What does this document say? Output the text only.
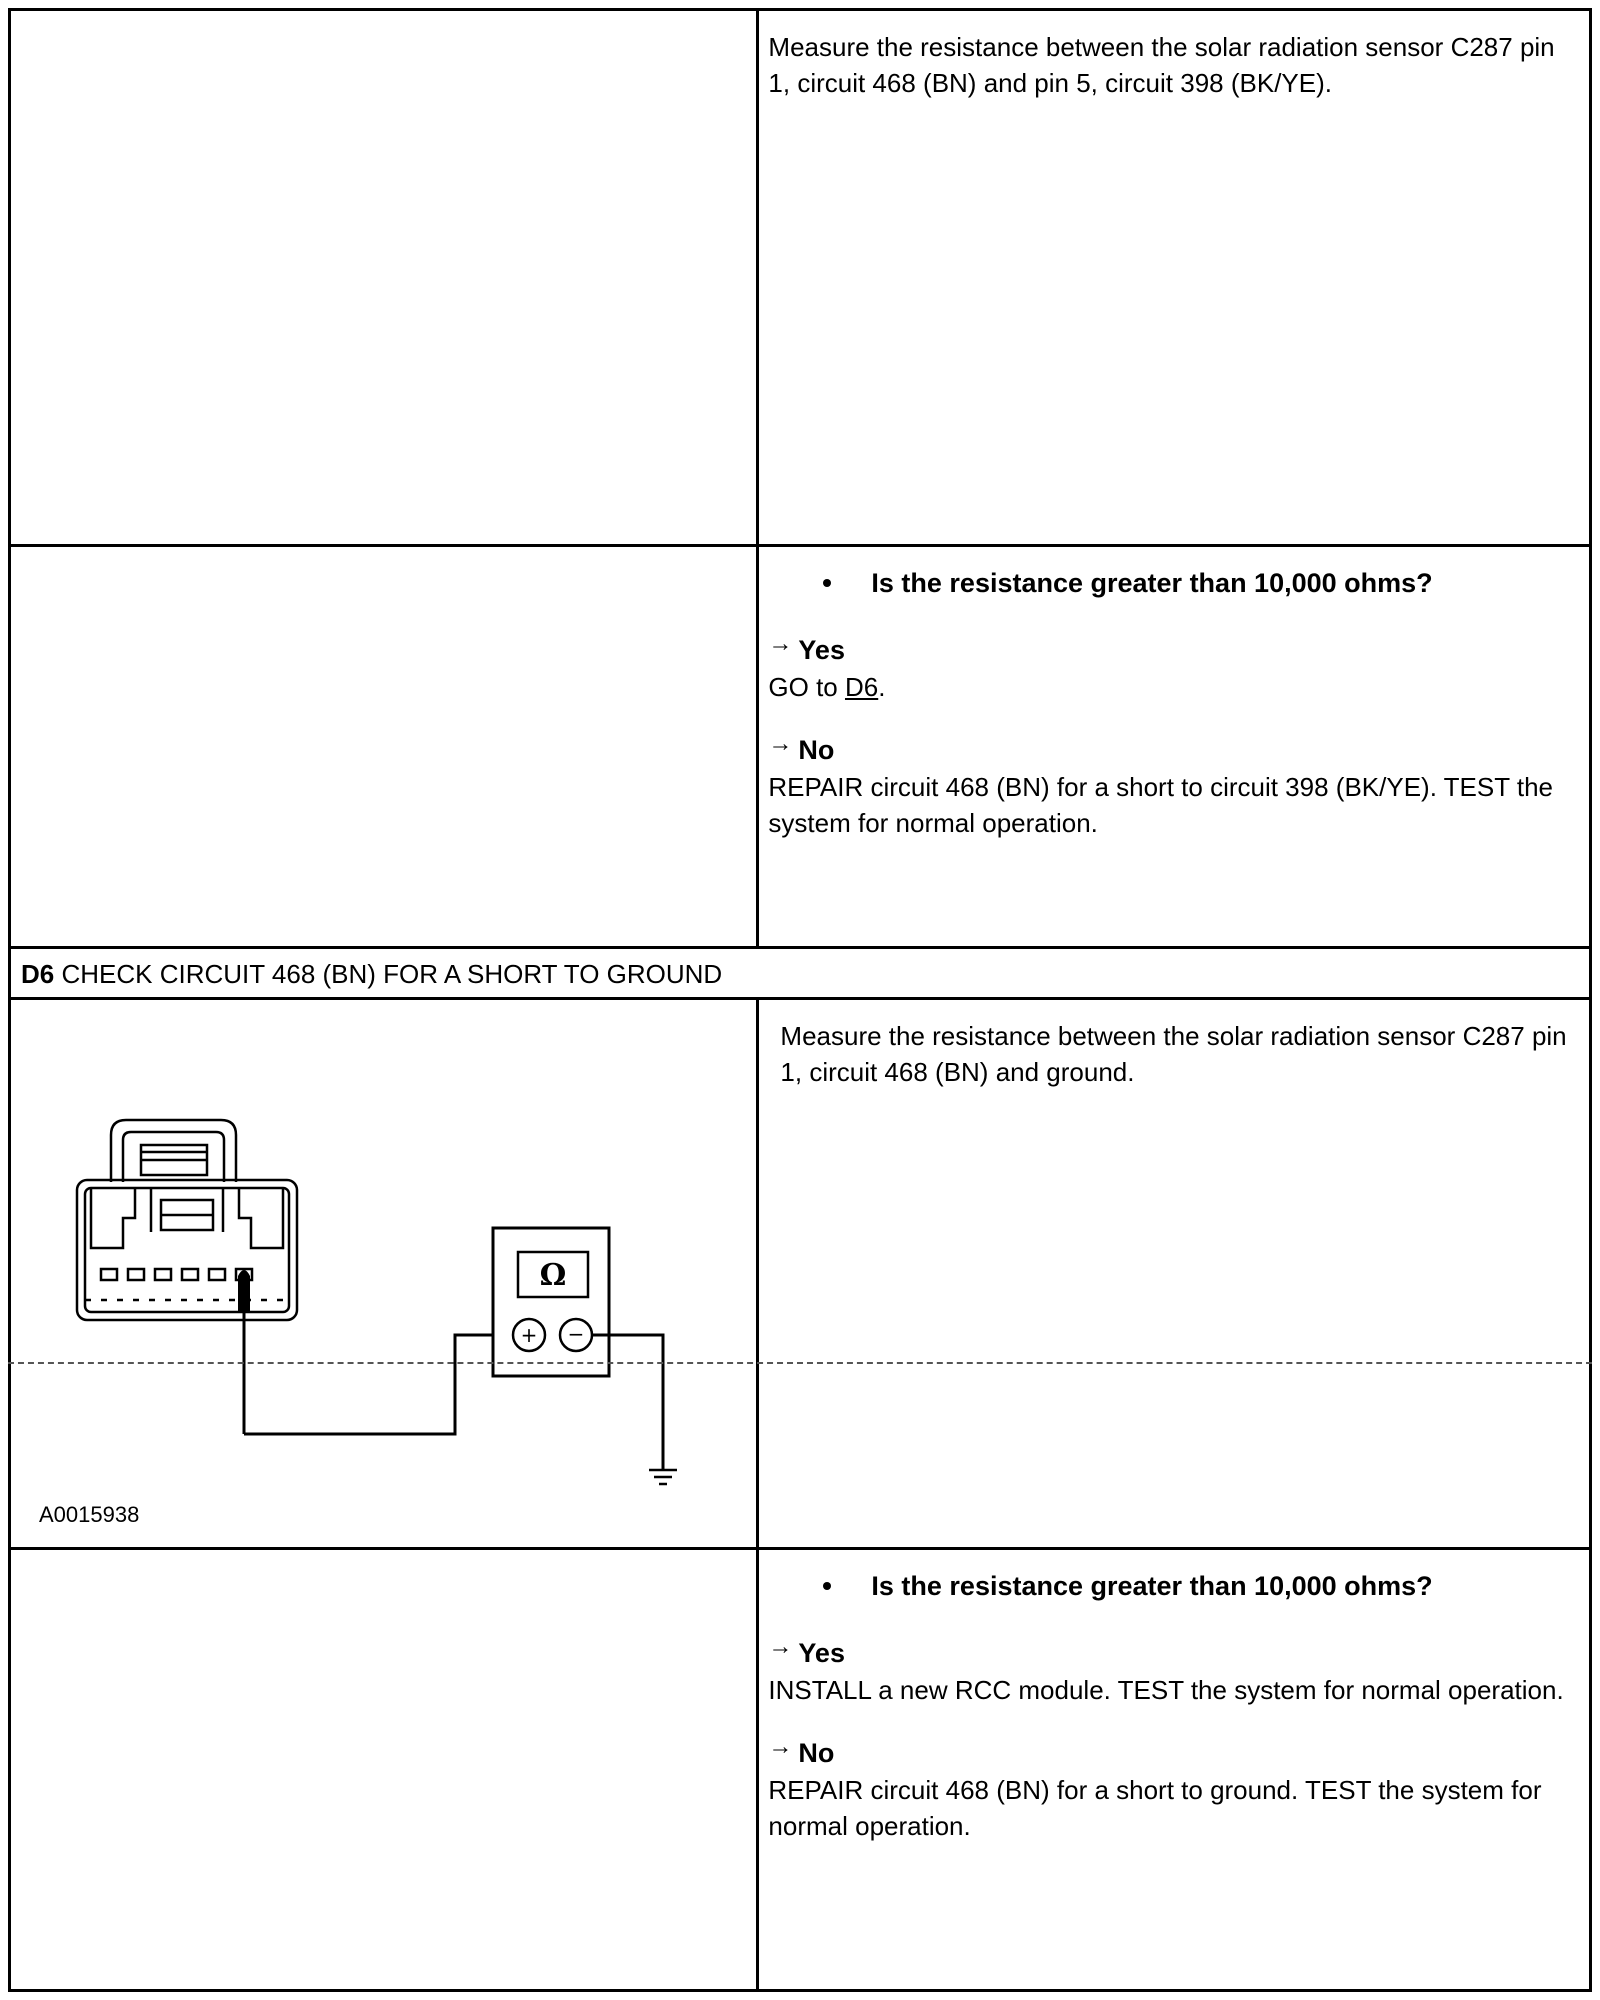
	Measure the resistance between the solar radiation sensor C287 pin 1, circuit 468 (BN) and pin 5, circuit 398 (BK/YE).

	Is the resistance greater than 10,000 ohms?
→ Yes
GO to D6.
→ No
REPAIR circuit 468 (BN) for a short to circuit 398 (BK/YE). TEST the system for normal operation.

D6 CHECK CIRCUIT 468 (BN) FOR A SHORT TO GROUND	

Ω
+ −
A0015938	Measure the resistance between the solar radiation sensor C287 pin 1, circuit 468 (BN) and ground.

	Is the resistance greater than 10,000 ohms?
→ Yes
INSTALL a new RCC module. TEST the system for normal operation.
→ No
REPAIR circuit 468 (BN) for a short to ground. TEST the system for normal operation.
